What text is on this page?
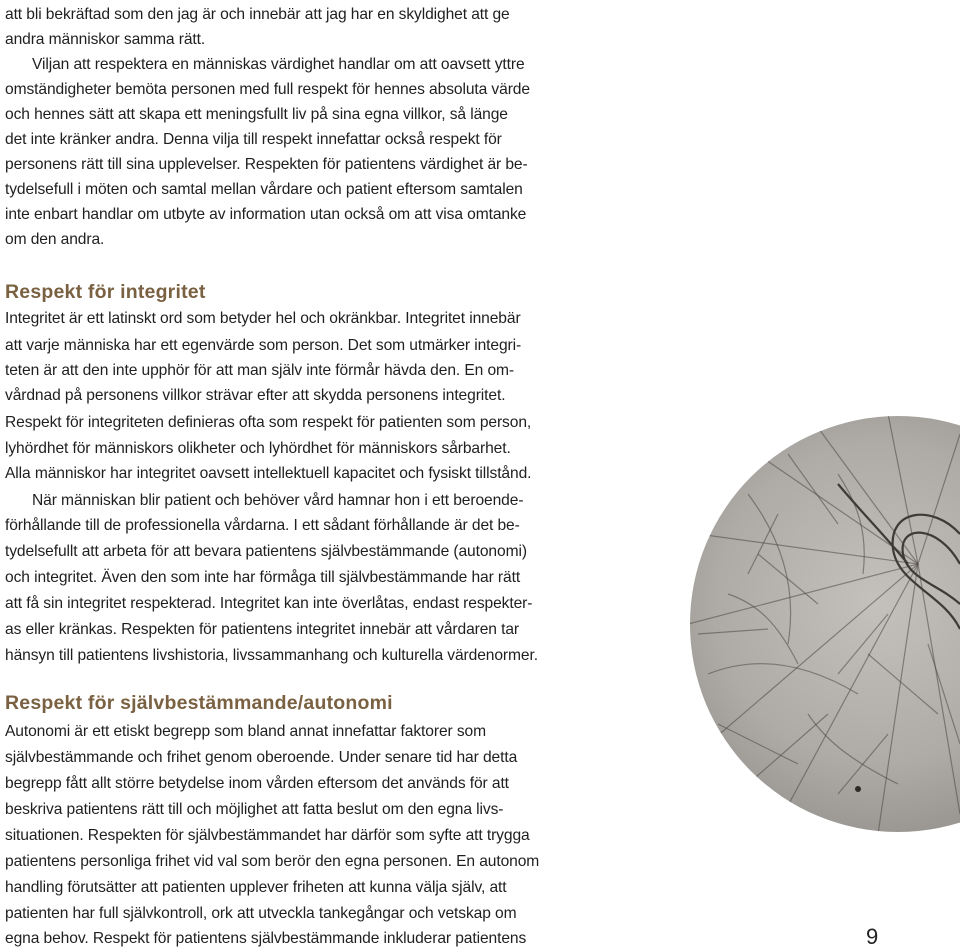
att bli bekräftad som den jag är och innebär att jag har en skyldighet att ge
andra människor samma rätt.
Viljan att respektera en människas värdighet handlar om att oavsett yttre
omständigheter bemöta personen med full respekt för hennes absoluta värde
och hennes sätt att skapa ett meningsfullt liv på sina egna villkor, så länge
det inte kränker andra. Denna vilja till respekt innefattar också respekt för
personens rätt till sina upplevelser. Respekten för patientens värdighet är be-
tydelsefull i möten och samtal mellan vårdare och patient eftersom samtalen
inte enbart handlar om utbyte av information utan också om att visa omtanke
om den andra.
Respekt för integritet
Integritet är ett latinskt ord som betyder hel och okränkbar. Integritet innebär
att varje människa har ett egenvärde som person. Det som utmärker integri-
teten är att den inte upphör för att man själv inte förmår hävda den. En om-
vårdnad på personens villkor strävar efter att skydda personens integritet.
Respekt för integriteten definieras ofta som respekt för patienten som person,
lyhördhet för människors olikheter och lyhördhet för människors sårbarhet.
Alla människor har integritet oavsett intellektuell kapacitet och fysiskt tillstånd.
När människan blir patient och behöver vård hamnar hon i ett beroende-
förhållande till de professionella vårdarna. I ett sådant förhållande är det be-
tydelsefullt att arbeta för att bevara patientens självbestämmande (autonomi)
och integritet. Även den som inte har förmåga till självbestämmande har rätt
att få sin integritet respekterad. Integritet kan inte överlåtas, endast respekter-
as eller kränkas. Respekten för patientens integritet innebär att vårdaren tar
hänsyn till patientens livshistoria, livssammanhang och kulturella värdenormer.
Respekt för självbestämmande/autonomi
Autonomi är ett etiskt begrepp som bland annat innefattar faktorer som
självbestämmande och frihet genom oberoende. Under senare tid har detta
begrepp fått allt större betydelse inom vården eftersom det används för att
beskriva patientens rätt till och möjlighet att fatta beslut om den egna livs-
situationen. Respekten för självbestämmandet har därför som syfte att trygga
patientens personliga frihet vid val som berör den egna personen. En autonom
handling förutsätter att patienten upplever friheten att kunna välja själv, att
patienten har full självkontroll, ork att utveckla tankegångar och vetskap om
egna behov. Respekt för patientens självbestämmande inkluderar patientens	9
